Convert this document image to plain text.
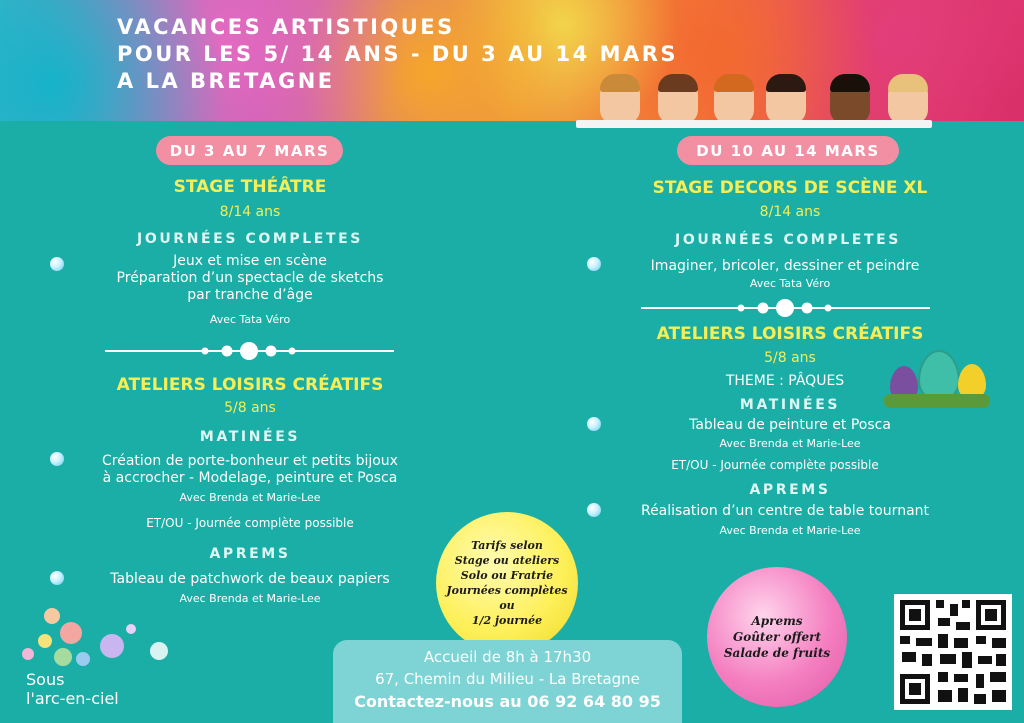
VACANCES ARTISTIQUES
POUR LES 5/ 14 ANS - DU 3 AU 14 MARS
A LA BRETAGNE
DU 3 AU 7 MARS
STAGE THÉÂTRE
8/14 ans
JOURNÉES COMPLETES
Jeux et mise en scène
Préparation d’un spectacle de sketchs
par tranche d’âge
Avec Tata Véro
ATELIERS LOISIRS CRÉATIFS
5/8 ans
MATINÉES
Création de porte-bonheur et petits bijoux
à accrocher - Modelage, peinture et Posca
Avec Brenda et Marie-Lee
ET/OU - Journée complète possible
APREMS
Tableau de patchwork de beaux papiers
Avec Brenda et Marie-Lee
DU 10 AU 14 MARS
STAGE DECORS DE SCÈNE XL
8/14 ans
JOURNÉES COMPLETES
Imaginer, bricoler, dessiner et peindre
Avec Tata Véro
ATELIERS LOISIRS CRÉATIFS
5/8 ans
THEME : PÂQUES
MATINÉES
Tableau de peinture et Posca
Avec Brenda et Marie-Lee
ET/OU - Journée complète possible
APREMS
Réalisation d’un centre de table tournant
Avec Brenda et Marie-Lee
Tarifs selon
Stage ou ateliers
Solo ou Fratrie
Journées complètes
ou
1/2 journée	Aprems
Goûter offert
Salade de fruits
Accueil de 8h à 17h30
67, Chemin du Milieu - La Bretagne
Contactez-nous au 06 92 64 80 95
Sous
l'arc-en-ciel
